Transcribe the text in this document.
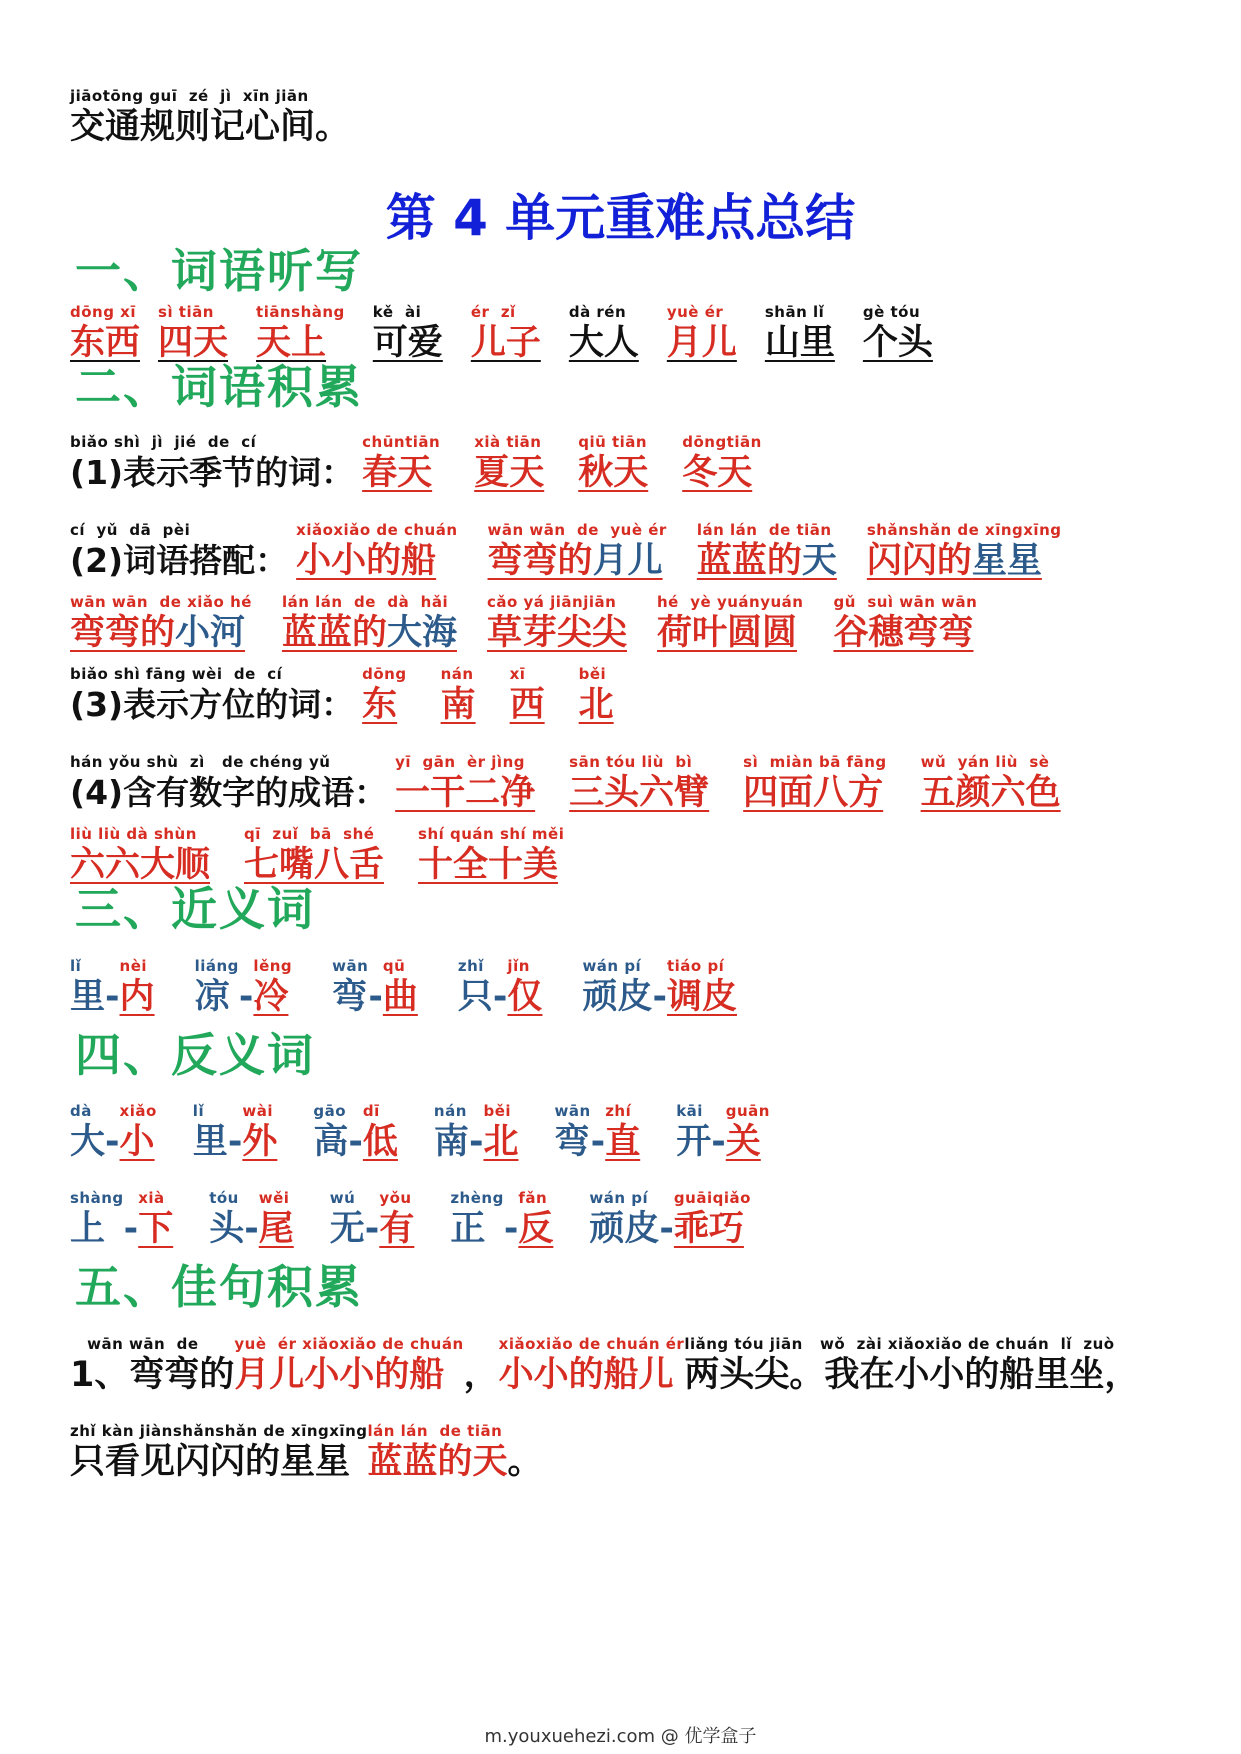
jiāotōng guī  zé  jì  xīn jiān
交通规则记心间。
第 4 单元重难点总结
一、词语听写
dōng xī
东西
sì tiān
四天
tiānshàng
天上
kě  ài
可爱
ér  zǐ
儿子
dà rén
大人
yuè ér
月儿
shān lǐ
山里
gè tóu
个头
二、词语积累
biǎo shì  jì  jié  de  cí
(1)表示季节的词：
chūntiān
春天
xià tiān
夏天
qiū tiān
秋天
dōngtiān
冬天
cí  yǔ  dā  pèi
(2)词语搭配：
xiǎoxiǎo de chuán
小小的船
wān wān  de  yuè ér
弯弯的月儿
lán lán  de tiān
蓝蓝的天
shǎnshǎn de xīngxīng
闪闪的星星
wān wān  de xiǎo hé
弯弯的小河
lán lán  de  dà  hǎi
蓝蓝的大海
cǎo yá jiānjiān
草芽尖尖
hé  yè yuányuán
荷叶圆圆
gǔ  suì wān wān
谷穗弯弯
biǎo shì fāng wèi  de  cí
(3)表示方位的词：
dōng
东
nán
南
xī
西
běi
北
hán yǒu shù  zì   de chéng yǔ
(4)含有数字的成语：
yī  gān  èr jìng
一干二净
sān tóu liù  bì
三头六臂
sì  miàn bā fāng
四面八方
wǔ  yán liù  sè
五颜六色
liù liù dà shùn
六六大顺
qī  zuǐ  bā  shé
七嘴八舌
shí quán shí měi
十全十美
三、近义词
lǐ
里 -
nèi
内
liáng
凉 -
lěng
冷
wān
弯 -
qū
曲
zhǐ
只 -
jǐn
仅
wán pí
顽皮 -
tiáo pí
调皮
四、反义词
dà
大 -
xiǎo
小
lǐ
里 -
wài
外
gāo
高 -
dī
低
nán
南 -
běi
北
wān
弯 -
zhí
直
kāi
开 -
guān
关
shàng
上 -
xià
下
tóu
头 -
wěi
尾
wú
无 -
yǒu
有
zhèng
正 -
fǎn
反
wán pí
顽皮 -
guāiqiǎo
乖巧
五、佳句积累
wān wān  de
1、弯弯的
yuè  ér xiǎoxiǎo de chuán
月儿小小的船 ，
xiǎoxiǎo de chuán ér
小小的船儿
liǎng tóu jiān   wǒ  zài xiǎoxiǎo de chuán  lǐ  zuò
两头尖。我在小小的船里坐，
zhǐ kàn jiànshǎnshǎn de xīngxīng
只看见闪闪的星星
lán lán  de tiān
蓝蓝的天 。
m.youxuehezi.com @ 优学盒子
